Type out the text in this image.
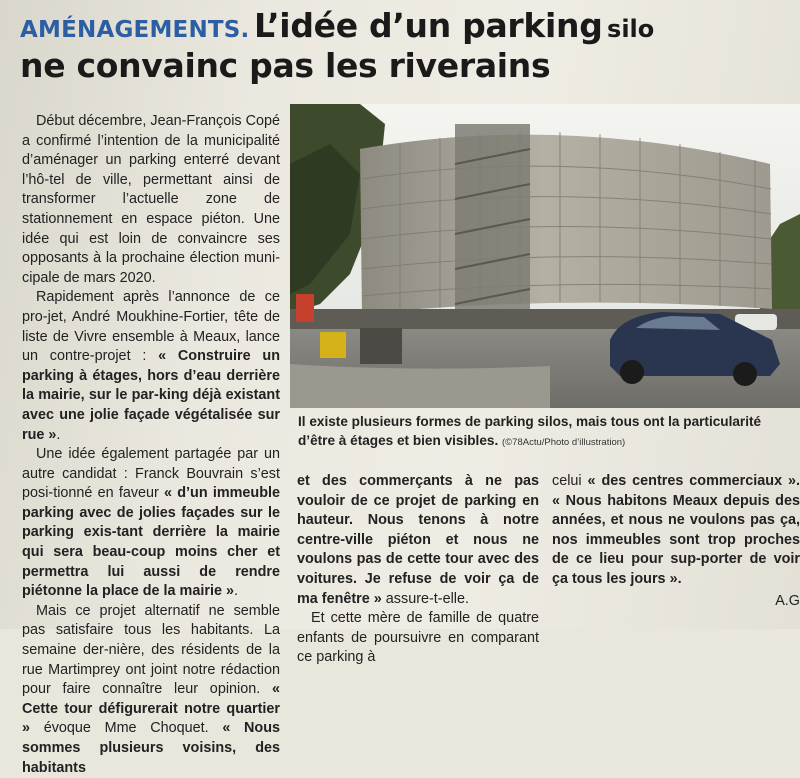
AMÉNAGEMENTS. L’idée d’un parking silo
ne convainc pas les riverains

Début décembre, Jean-François Copé a confirmé l’intention de la municipalité d’aménager un parking enterré devant l’hô-tel de ville, permettant ainsi de transformer l’actuelle zone de stationnement en espace piéton. Une idée qui est loin de convaincre ses opposants à la prochaine élection muni-cipale de mars 2020.

Rapidement après l’annonce de ce pro-jet, André Moukhine-Fortier, tête de liste de Vivre ensemble à Meaux, lance un contre-projet : « Construire un parking à étages, hors d’eau derrière la mairie, sur le par-king déjà existant avec une jolie façade végétalisée sur rue ».

Une idée également partagée par un autre candidat : Franck Bouvrain s’est posi-tionné en faveur « d’un immeuble parking avec de jolies façades sur le parking exis-tant derrière la mairie qui sera beau-coup moins cher et permettra lui aussi de rendre piétonne la place de la mairie ».

Mais ce projet alternatif ne semble pas satisfaire tous les habitants. La semaine der-nière, des résidents de la rue Martimprey ont joint notre rédaction pour faire connaître leur opinion. « Cette tour défigurerait notre quartier » évoque Mme Choquet. « Nous sommes plusieurs voisins, des habitants

Il existe plusieurs formes de parking silos, mais tous ont la particularité d’être à étages et bien visibles. (©78Actu/Photo d’illustration)

et des commerçants à ne pas vouloir de ce projet de parking en hauteur. Nous tenons à notre centre-ville piéton et nous ne voulons pas de cette tour avec des voitures. Je refuse de voir ça de ma fenêtre » assure-t-elle.

Et cette mère de famille de quatre enfants de poursuivre en comparant ce parking à

celui « des centres commerciaux ». « Nous habitons Meaux depuis des années, et nous ne voulons pas ça, nos immeubles sont trop proches de ce lieu pour sup-porter de voir ça tous les jours ».

A.G
